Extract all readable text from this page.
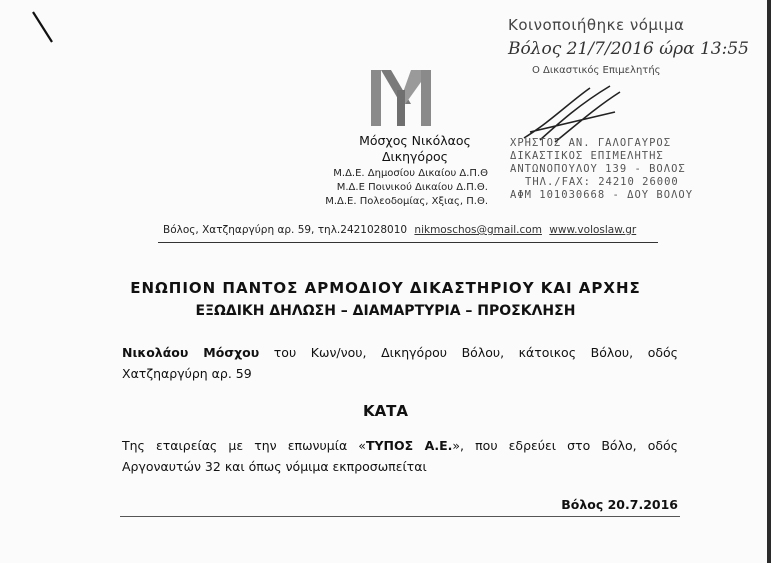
Κοινοποιήθηκε νόμιμα
Βόλος 21/7/2016 ώρα 13:55
Ο Δικαστικός Επιμελητής
ΧΡΗΣΤΟΣ ΑΝ. ΓΑΛΟΓΑΥΡΟΣ
ΔΙΚΑΣΤΙΚΟΣ ΕΠΙΜΕΛΗΤΗΣ
ΑΝΤΩΝΟΠΟΥΛΟΥ 139 - ΒΟΛΟΣ
ΤΗΛ./FAX: 24210 26000
ΑΦΜ 101030668 - ΔΟΥ ΒΟΛΟΥ
Μόσχος Νικόλαος
Δικηγόρος
Μ.Δ.Ε. Δημοσίου Δικαίου Δ.Π.Θ
Μ.Δ.Ε Ποινικού Δικαίου Δ.Π.Θ.
Μ.Δ.Ε. Πολεοδομίας, Χξιας, Π.Θ.
Βόλος, Χατζηαργύρη αρ. 59, τηλ.2421028010 nikmoschos@gmail.com www.voloslaw.gr
ΕΝΩΠΙΟΝ ΠΑΝΤΟΣ ΑΡΜΟΔΙΟΥ ΔΙΚΑΣΤΗΡΙΟΥ ΚΑΙ ΑΡΧΗΣ
ΕΞΩΔΙΚΗ ΔΗΛΩΣΗ – ΔΙΑΜΑΡΤΥΡΙΑ – ΠΡΟΣΚΛΗΣΗ
Νικολάου Μόσχου του Κων/νου, Δικηγόρου Βόλου, κάτοικος Βόλου, οδός Χατζηαργύρη αρ. 59
ΚΑΤΑ
Της εταιρείας με την επωνυμία «ΤΥΠΟΣ Α.Ε.», που εδρεύει στο Βόλο, οδός Αργοναυτών 32 και όπως νόμιμα εκπροσωπείται
Βόλος 20.7.2016
